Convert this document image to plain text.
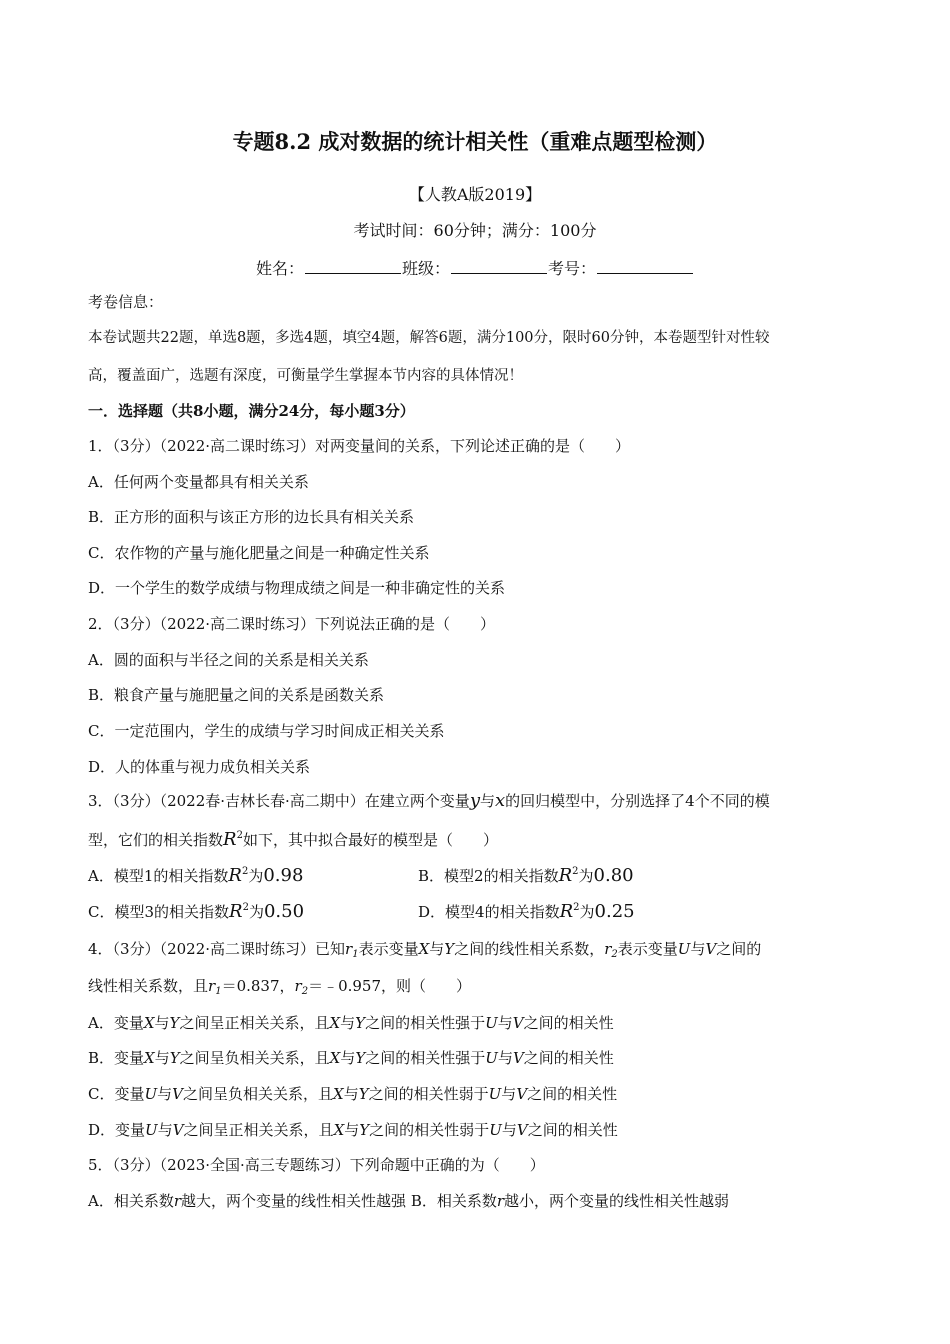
专题8.2 成对数据的统计相关性（重难点题型检测）
【人教A版2019】
考试时间：60分钟；满分：100分
姓名：	班级：	考号：
考卷信息：
本卷试题共22题，单选8题，多选4题，填空4题，解答6题，满分100分，限时60分钟，本卷题型针对性较
高，覆盖面广，选题有深度，可衡量学生掌握本节内容的具体情况！
一．选择题（共8小题，满分24分，每小题3分）
1．（3分）（2022·高二课时练习）对两变量间的关系，下列论述正确的是（　　）
A．任何两个变量都具有相关关系
B．正方形的面积与该正方形的边长具有相关关系
C．农作物的产量与施化肥量之间是一种确定性关系
D．一个学生的数学成绩与物理成绩之间是一种非确定性的关系
2．（3分）（2022·高二课时练习）下列说法正确的是（　　）
A．圆的面积与半径之间的关系是相关关系
B．粮食产量与施肥量之间的关系是函数关系
C．一定范围内，学生的成绩与学习时间成正相关关系
D．人的体重与视力成负相关关系
3．（3分）（2022春·吉林长春·高二期中）在建立两个变量y与x的回归模型中，分别选择了4个不同的模
型，它们的相关指数$R^2$如下，其中拟合最好的模型是（　　）
A．模型1的相关指数$R^2$为0.98	B．模型2的相关指数$R^2$为0.80
C．模型3的相关指数$R^2$为0.50	D．模型4的相关指数$R^2$为0.25
4．（3分）（2022·高二课时练习）已知$r_1$表示变量X与Y之间的线性相关系数，$r_2$表示变量U与V之间的
线性相关系数，且$r_1=0.837$，$r_2=﹣0.957$，则（　　）
A．变量X与Y之间呈正相关关系，且X与Y之间的相关性强于U与V之间的相关性
B．变量X与Y之间呈负相关关系，且X与Y之间的相关性强于U与V之间的相关性
C．变量U与V之间呈负相关关系，且X与Y之间的相关性弱于U与V之间的相关性
D．变量U与V之间呈正相关关系，且X与Y之间的相关性弱于U与V之间的相关性
5．（3分）（2023·全国·高三专题练习）下列命题中正确的为（　　）
A．相关系数r越大，两个变量的线性相关性越强 B．相关系数r越小，两个变量的线性相关性越弱
